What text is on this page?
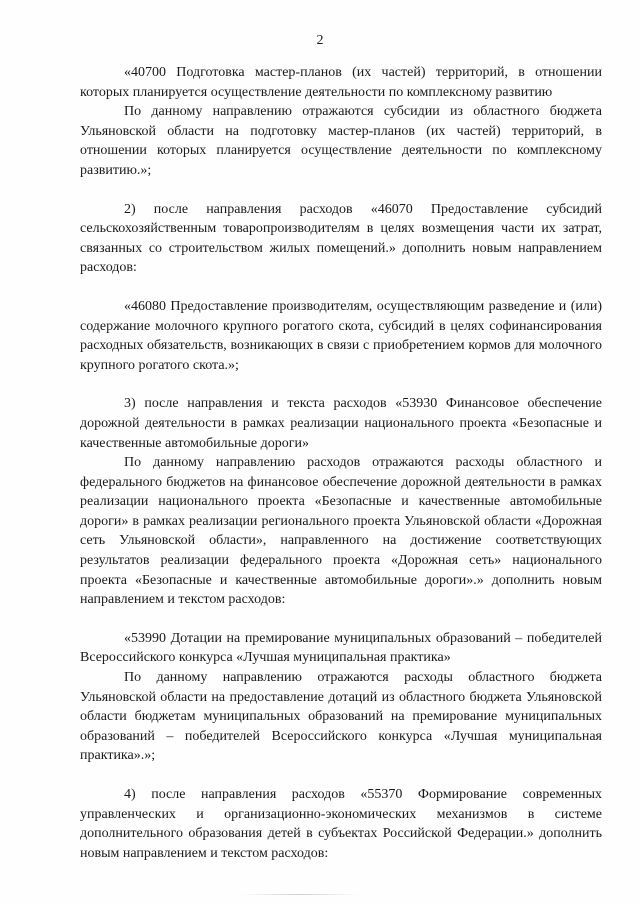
2

«40700 Подготовка мастер-планов (их частей) территорий, в отношении которых планируется осуществление деятельности по комплексному развитию

По данному направлению отражаются субсидии из областного бюджета Ульяновской области на подготовку мастер-планов (их частей) территорий, в отношении которых планируется осуществление деятельности по комплексному развитию.»;

2) после направления расходов «46070 Предоставление субсидий сельскохозяйственным товаропроизводителям в целях возмещения части их затрат, связанных со строительством жилых помещений.» дополнить новым направлением расходов:

«46080 Предоставление производителям, осуществляющим разведение и (или) содержание молочного крупного рогатого скота, субсидий в целях софинансирования расходных обязательств, возникающих в связи с приобретением кормов для молочного крупного рогатого скота.»;

3) после направления и текста расходов «53930 Финансовое обеспечение дорожной деятельности в рамках реализации национального проекта «Безопасные и качественные автомобильные дороги»

По данному направлению расходов отражаются расходы областного и федерального бюджетов на финансовое обеспечение дорожной деятельности в рамках реализации национального проекта «Безопасные и качественные автомобильные дороги» в рамках реализации регионального проекта Ульяновской области «Дорожная сеть Ульяновской области», направленного на достижение соответствующих результатов реализации федерального проекта «Дорожная сеть» национального проекта «Безопасные и качественные автомобильные дороги».» дополнить новым направлением и текстом расходов:

«53990 Дотации на премирование муниципальных образований – победителей Всероссийского конкурса «Лучшая муниципальная практика»

По данному направлению отражаются расходы областного бюджета Ульяновской области на предоставление дотаций из областного бюджета Ульяновской области бюджетам муниципальных образований на премирование муниципальных образований – победителей Всероссийского конкурса «Лучшая муниципальная практика».»;

4) после направления расходов «55370 Формирование современных управленческих и организационно-экономических механизмов в системе дополнительного образования детей в субъектах Российской Федерации.» дополнить новым направлением и текстом расходов:
